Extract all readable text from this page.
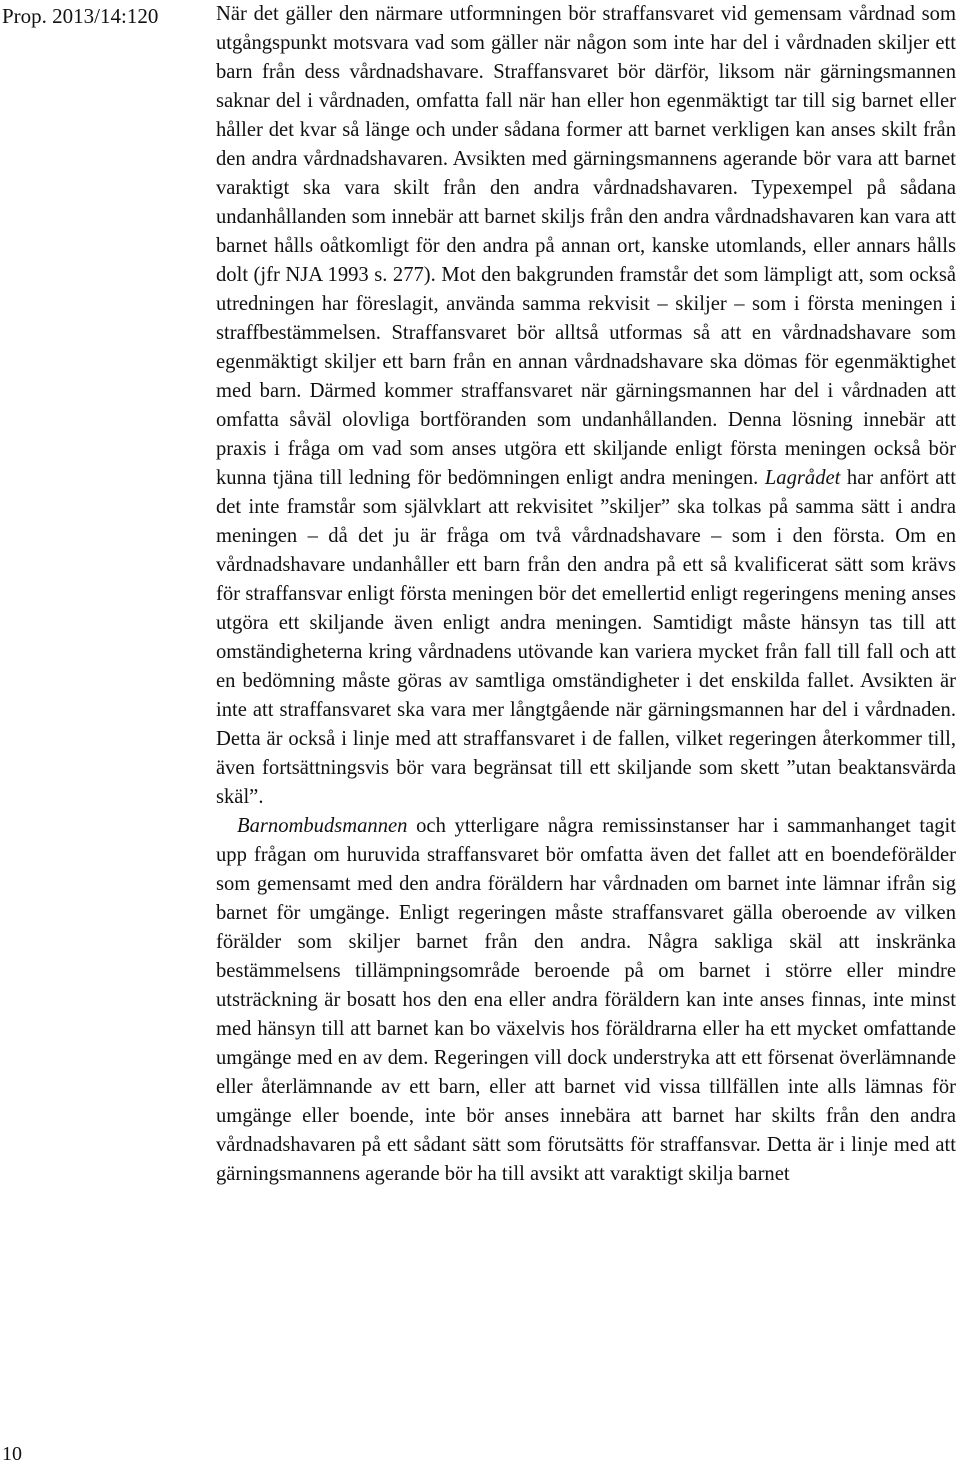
Prop. 2013/14:120	När det gäller den närmare utformningen bör straffansvaret vid gemensam vårdnad som utgångspunkt motsvara vad som gäller när någon som inte har del i vårdnaden skiljer ett barn från dess vårdnadshavare. Straffansvaret bör därför, liksom när gärningsmannen saknar del i vårdnaden, omfatta fall när han eller hon egenmäktigt tar till sig barnet eller håller det kvar så länge och under sådana former att barnet verkligen kan anses skilt från den andra vårdnadshavaren. Avsikten med gärningsmannens agerande bör vara att barnet varaktigt ska vara skilt från den andra vårdnadshavaren. Typexempel på sådana undanhållanden som innebär att barnet skiljs från den andra vårdnadshavaren kan vara att barnet hålls oåtkomligt för den andra på annan ort, kanske utomlands, eller annars hålls dolt (jfr NJA 1993 s. 277). Mot den bakgrunden framstår det som lämpligt att, som också utredningen har föreslagit, använda samma rekvisit – skiljer – som i första meningen i straffbestämmelsen. Straffansvaret bör alltså utformas så att en vårdnadshavare som egenmäktigt skiljer ett barn från en annan vårdnadshavare ska dömas för egenmäktighet med barn. Därmed kommer straffansvaret när gärningsmannen har del i vårdnaden att omfatta såväl olovliga bortföranden som undanhållanden. Denna lösning innebär att praxis i fråga om vad som anses utgöra ett skiljande enligt första meningen också bör kunna tjäna till ledning för bedömningen enligt andra meningen. Lagrådet har anfört att det inte framstår som självklart att rekvisitet ”skiljer” ska tolkas på samma sätt i andra meningen – då det ju är fråga om två vårdnadshavare – som i den första. Om en vårdnadshavare undanhåller ett barn från den andra på ett så kvalificerat sätt som krävs för straffansvar enligt första meningen bör det emellertid enligt regeringens mening anses utgöra ett skiljande även enligt andra meningen. Samtidigt måste hänsyn tas till att omständigheterna kring vårdnadens utövande kan variera mycket från fall till fall och att en bedömning måste göras av samtliga omständigheter i det enskilda fallet. Avsikten är inte att straffansvaret ska vara mer långtgående när gärningsmannen har del i vårdnaden. Detta är också i linje med att straffansvaret i de fallen, vilket regeringen återkommer till, även fortsättningsvis bör vara begränsat till ett skiljande som skett ”utan beaktansvärda skäl”.

Barnombudsmannen och ytterligare några remissinstanser har i sammanhanget tagit upp frågan om huruvida straffansvaret bör omfatta även det fallet att en boendeförälder som gemensamt med den andra föräldern har vårdnaden om barnet inte lämnar ifrån sig barnet för umgänge. Enligt regeringen måste straffansvaret gälla oberoende av vilken förälder som skiljer barnet från den andra. Några sakliga skäl att inskränka bestämmelsens tillämpningsområde beroende på om barnet i större eller mindre utsträckning är bosatt hos den ena eller andra föräldern kan inte anses finnas, inte minst med hänsyn till att barnet kan bo växelvis hos föräldrarna eller ha ett mycket omfattande umgänge med en av dem. Regeringen vill dock understryka att ett försenat överlämnande eller återlämnande av ett barn, eller att barnet vid vissa tillfällen inte alls lämnas för umgänge eller boende, inte bör anses innebära att barnet har skilts från den andra vårdnadshavaren på ett sådant sätt som förutsätts för straffansvar. Detta är i linje med att gärningsmannens agerande bör ha till avsikt att varaktigt skilja barnet

10
